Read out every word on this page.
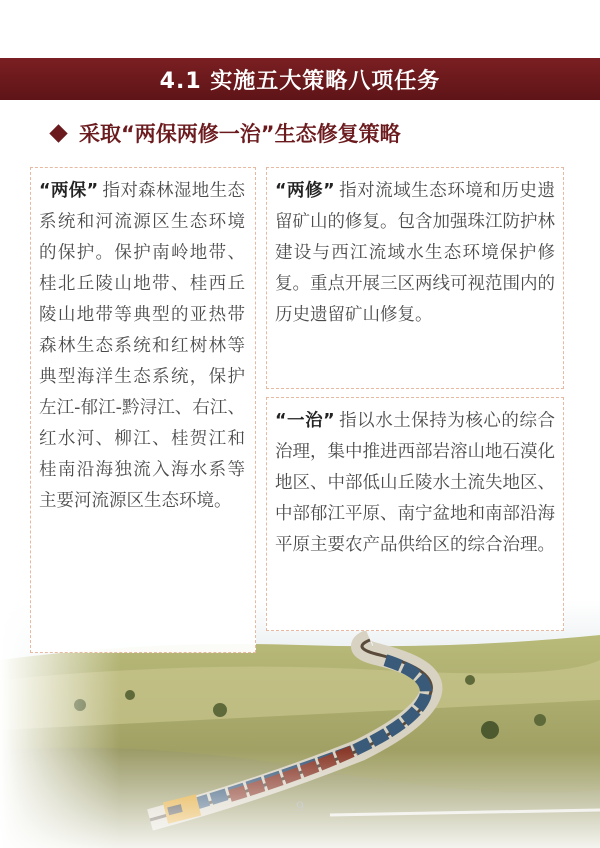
4.1 实施五大策略八项任务
采取“两保两修一治”生态修复策略

“两保” 指对森林湿地生态系统和河流源区生态环境的保护。保护南岭地带、桂北丘陵山地带、桂西丘陵山地带等典型的亚热带森林生态系统和红树林等典型海洋生态系统，保护左江-郁江-黔浔江、右江、红水河、柳江、桂贺江和桂南沿海独流入海水系等主要河流源区生态环境。

“两修” 指对流域生态环境和历史遗留矿山的修复。包含加强珠江防护林建设与西江流域水生态环境保护修复。重点开展三区两线可视范围内的历史遗留矿山修复。

“一治” 指以水土保持为核心的综合治理，集中推进西部岩溶山地石漠化地区、中部低山丘陵水土流失地区、中部郁江平原、南宁盆地和南部沿海平原主要农产品供给区的综合治理。

9
